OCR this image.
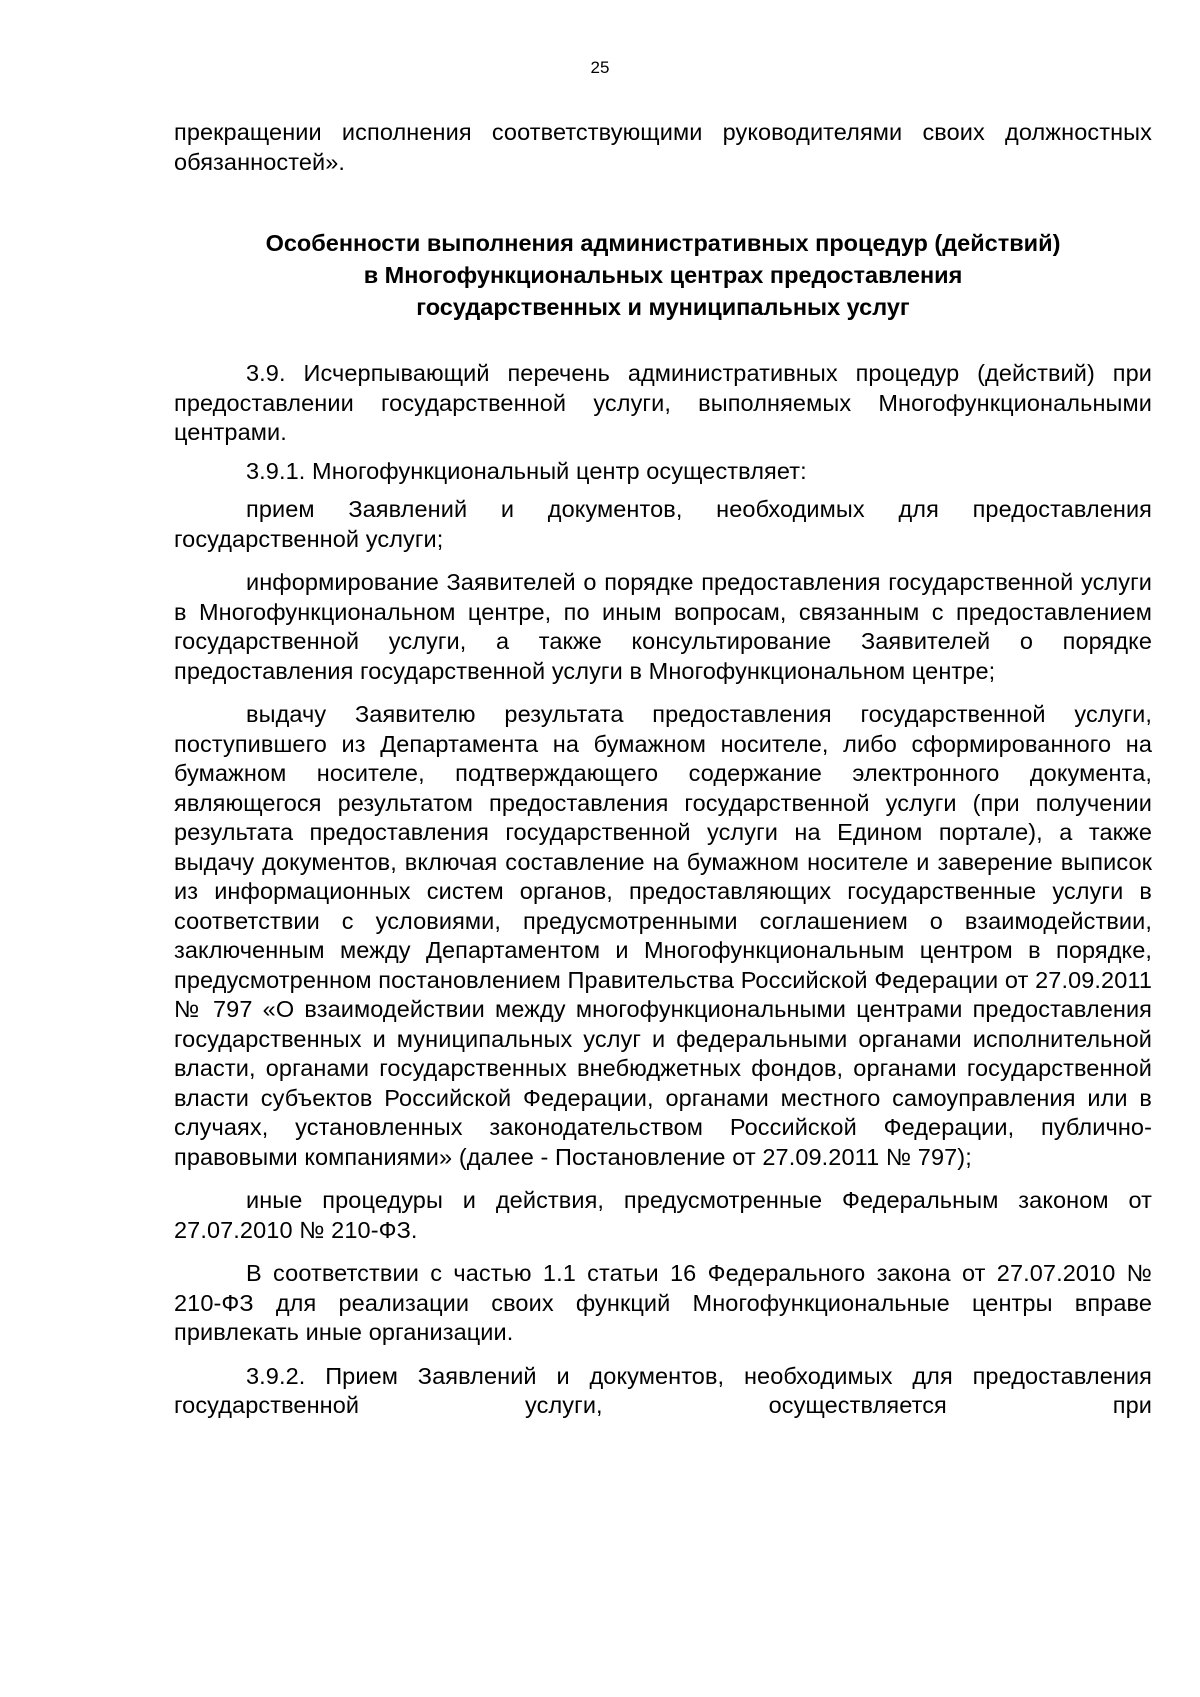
25

прекращении исполнения соответствующими руководителями своих должностных обязанностей».

Особенности выполнения административных процедур (действий)
в Многофункциональных центрах предоставления
государственных и муниципальных услуг

3.9. Исчерпывающий перечень административных процедур (действий) при предоставлении государственной услуги, выполняемых Многофункциональными центрами.

3.9.1. Многофункциональный центр осуществляет:

прием Заявлений и документов, необходимых для предоставления государственной услуги;

информирование Заявителей о порядке предоставления государственной услуги в Многофункциональном центре, по иным вопросам, связанным с предоставлением государственной услуги, а также консультирование Заявителей о порядке предоставления государственной услуги в Многофункциональном центре;

выдачу Заявителю результата предоставления государственной услуги, поступившего из Департамента на бумажном носителе, либо сформированного на бумажном носителе, подтверждающего содержание электронного документа, являющегося результатом предоставления государственной услуги (при получении результата предоставления государственной услуги на Едином портале), а также выдачу документов, включая составление на бумажном носителе и заверение выписок из информационных систем органов, предоставляющих государственные услуги в соответствии с условиями, предусмотренными соглашением о взаимодействии, заключенным между Департаментом и Многофункциональным центром в порядке, предусмотренном постановлением Правительства Российской Федерации от 27.09.2011 № 797 «О взаимодействии между многофункциональными центрами предоставления государственных и муниципальных услуг и федеральными органами исполнительной власти, органами государственных внебюджетных фондов, органами государственной власти субъектов Российской Федерации, органами местного самоуправления или в случаях, установленных законодательством Российской Федерации, публично-правовыми компаниями» (далее - Постановление от 27.09.2011 № 797);

иные процедуры и действия, предусмотренные Федеральным законом от 27.07.2010 № 210-ФЗ.

В соответствии с частью 1.1 статьи 16 Федерального закона от 27.07.2010 № 210-ФЗ для реализации своих функций Многофункциональные центры вправе привлекать иные организации.

3.9.2. Прием Заявлений и документов, необходимых для предоставления государственной услуги, осуществляется при
